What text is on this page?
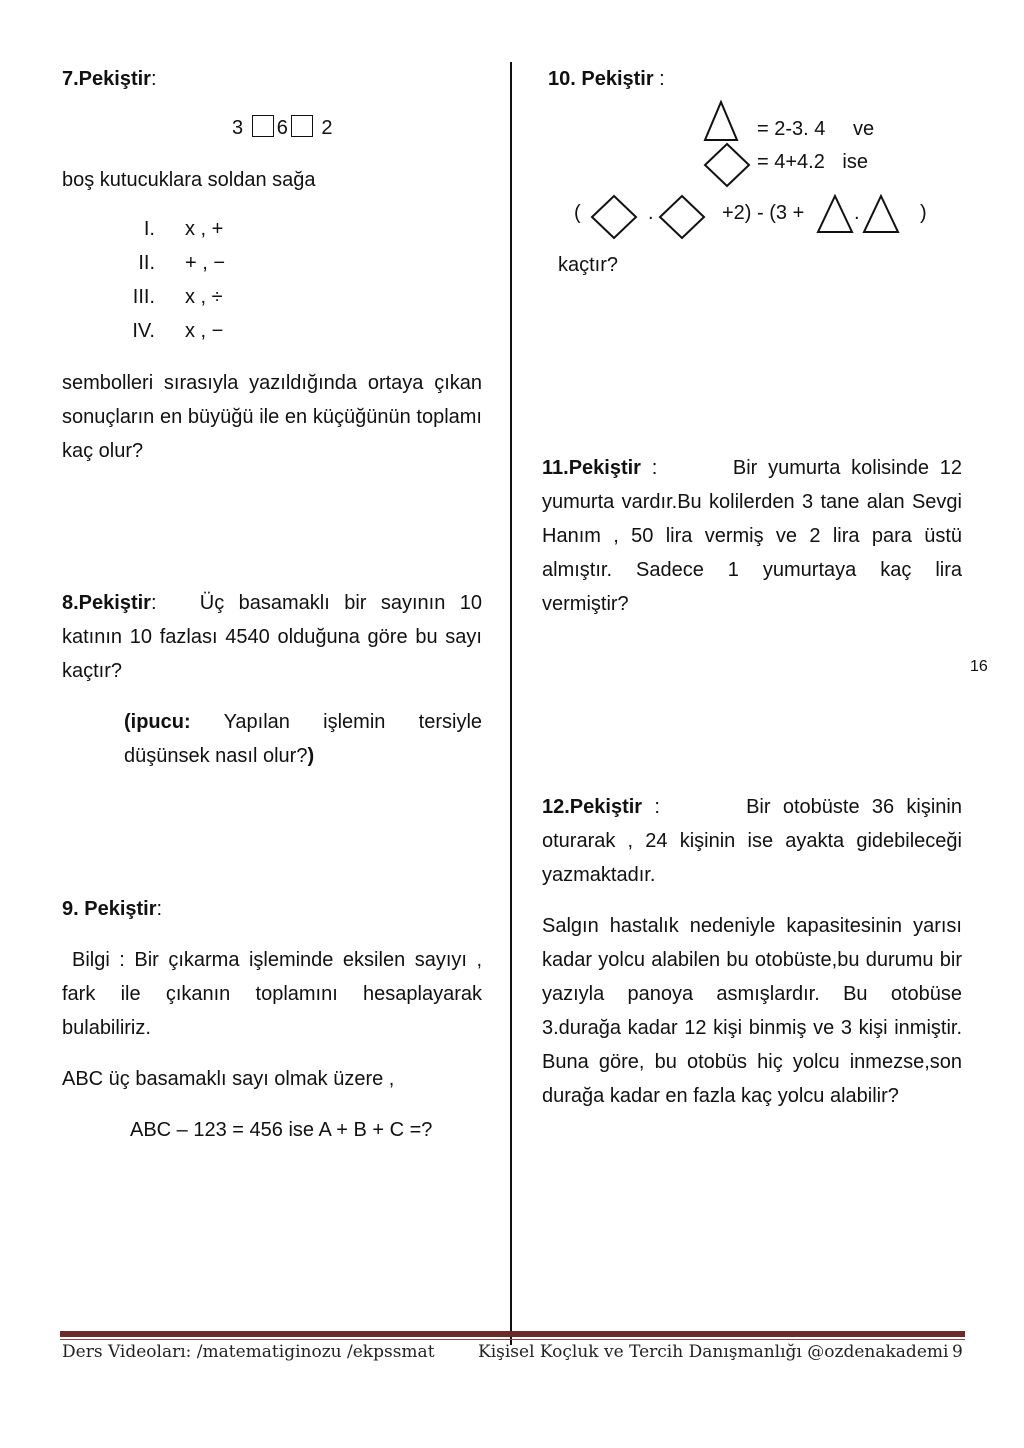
7.Pekiştir:
3 6 2
boş kutucuklara soldan sağa
I. x , +
II. + , −
III. x , ÷
IV. x , −
sembolleri sırasıyla yazıldığında ortaya çıkan sonuçların en büyüğü ile en küçüğünün toplamı kaç olur?
8.Pekiştir: Üç basamaklı bir sayının 10 katının 10 fazlası 4540 olduğuna göre bu sayı kaçtır?
(ipucu: Yapılan işlemin tersiyle düşünsek nasıl olur?)
9. Pekiştir:
Bilgi : Bir çıkarma işleminde eksilen sayıyı , fark ile çıkanın toplamını hesaplayarak bulabiliriz.
ABC üç basamaklı sayı olmak üzere ,
ABC – 123 = 456 ise A + B + C =?
10. Pekiştir :
= 2-3. 4 ve
= 4+4.2 ise
(	.	+2) - (3 + .	)
kaçtır?
11.Pekiştir :	Bir yumurta kolisinde 12 yumurta vardır.Bu kolilerden 3 tane alan Sevgi Hanım , 50 lira vermiş ve 2 lira para üstü almıştır. Sadece 1 yumurtaya kaç lira vermiştir?
16
12.Pekiştir :	Bir otobüste 36 kişinin oturarak , 24 kişinin ise ayakta gidebileceği yazmaktadır.
Salgın hastalık nedeniyle kapasitesinin yarısı kadar yolcu alabilen bu otobüste,bu durumu bir yazıyla panoya asmışlardır. Bu otobüse 3.durağa kadar 12 kişi binmiş ve 3 kişi inmiştir. Buna göre, bu otobüs hiç yolcu inmezse,son durağa kadar en fazla kaç yolcu alabilir?
Ders Videoları: /matematiginozu /ekpssmat	Kişisel Koçluk ve Tercih Danışmanlığı @ozdenakademi 9
